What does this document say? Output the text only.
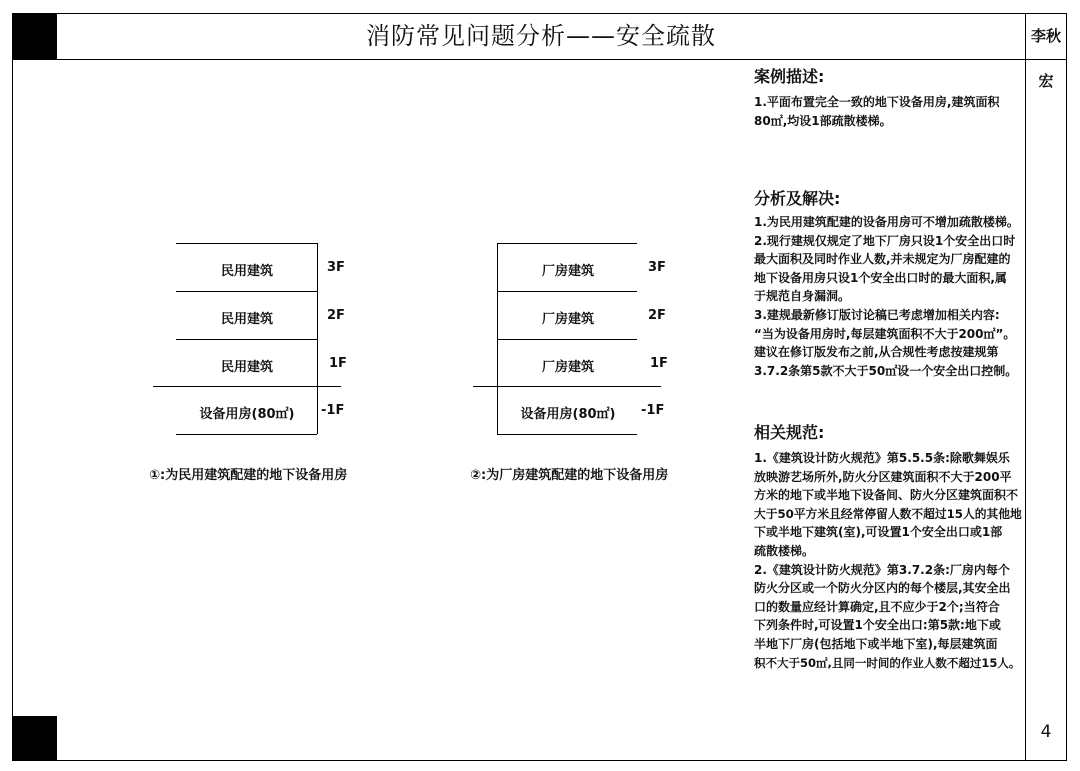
消防常见问题分析——安全疏散	李秋宏
4
民用建筑	3F
民用建筑	2F
民用建筑	1F
设备用房(80㎡)	-1F
①:为民用建筑配建的地下设备用房
厂房建筑	3F
厂房建筑	2F
厂房建筑	1F
设备用房(80㎡)	-1F
②:为厂房建筑配建的地下设备用房
案例描述:
1.平面布置完全一致的地下设备用房,建筑面积
80㎡,均设1部疏散楼梯。
分析及解决:
1.为民用建筑配建的设备用房可不增加疏散楼梯。
2.现行建规仅规定了地下厂房只设1个安全出口时
最大面积及同时作业人数,并未规定为厂房配建的
地下设备用房只设1个安全出口时的最大面积,属
于规范自身漏洞。
3.建规最新修订版讨论稿已考虑增加相关内容:
“当为设备用房时,每层建筑面积不大于200㎡”。
建议在修订版发布之前,从合规性考虑按建规第
3.7.2条第5款不大于50㎡设一个安全出口控制。
相关规范:
1.《建筑设计防火规范》第5.5.5条:除歌舞娱乐
放映游艺场所外,防火分区建筑面积不大于200平
方米的地下或半地下设备间、防火分区建筑面积不
大于50平方米且经常停留人数不超过15人的其他地
下或半地下建筑(室),可设置1个安全出口或1部
疏散楼梯。
2.《建筑设计防火规范》第3.7.2条:厂房内每个
防火分区或一个防火分区内的每个楼层,其安全出
口的数量应经计算确定,且不应少于2个;当符合
下列条件时,可设置1个安全出口:第5款:地下或
半地下厂房(包括地下或半地下室),每层建筑面
积不大于50㎡,且同一时间的作业人数不超过15人。
